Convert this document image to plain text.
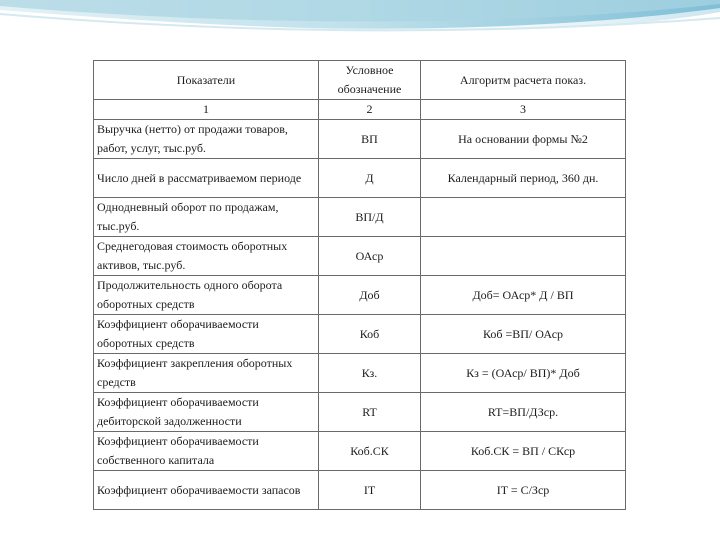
Показатели	Условное обозначение	Алгоритм расчета показ.
1	2	3
Выручка (нетто) от продажи товаров, работ, услуг, тыс.руб.	ВП	На основании формы №2
Число дней в рассматриваемом периоде	Д	Календарный период, 360 дн.
Однодневный оборот по продажам, тыс.руб.	ВП/Д	
Среднегодовая стоимость оборотных активов, тыс.руб.	ОАср	
Продолжительность одного оборота оборотных средств	Доб	Доб= ОАср* Д / ВП
Коэффициент оборачиваемости оборотных средств	Коб	Коб =ВП/ ОАср
Коэффициент закрепления оборотных средств	Кз.	Кз = (ОАср/ ВП)* Доб
Коэффициент оборачиваемости дебиторской задолженности	RT	RT=ВП/ДЗср.
Коэффициент оборачиваемости собственного капитала	Коб.СК	Коб.СК = ВП / СКср
Коэффициент оборачиваемости запасов	IT	IT = С/Зср
